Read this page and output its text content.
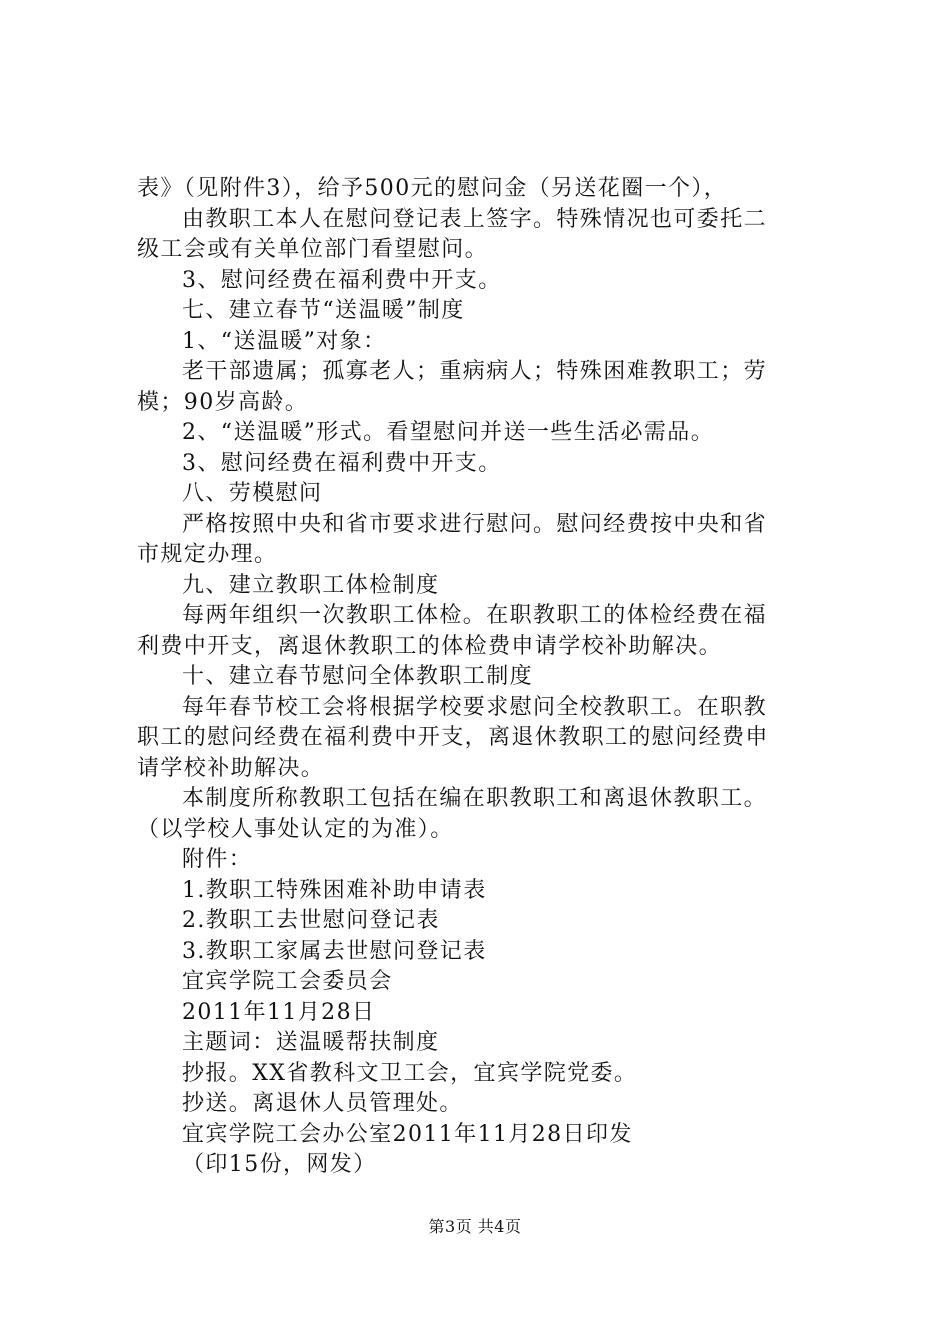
表》（见附件3），给予500元的慰问金（另送花圈一个），
由教职工本人在慰问登记表上签字。特殊情况也可委托二
级工会或有关单位部门看望慰问。
3、慰问经费在福利费中开支。
七、建立春节“送温暖”制度
1、“送温暖”对象：
老干部遗属；孤寡老人；重病病人；特殊困难教职工；劳
模；90岁高龄。
2、“送温暖”形式。看望慰问并送一些生活必需品。
3、慰问经费在福利费中开支。
八、劳模慰问
严格按照中央和省市要求进行慰问。慰问经费按中央和省
市规定办理。
九、建立教职工体检制度
每两年组织一次教职工体检。在职教职工的体检经费在福
利费中开支，离退休教职工的体检费申请学校补助解决。
十、建立春节慰问全体教职工制度
每年春节校工会将根据学校要求慰问全校教职工。在职教
职工的慰问经费在福利费中开支，离退休教职工的慰问经费申
请学校补助解决。
本制度所称教职工包括在编在职教职工和离退休教职工。
（以学校人事处认定的为准）。
附件：
1.教职工特殊困难补助申请表
2.教职工去世慰问登记表
3.教职工家属去世慰问登记表
宜宾学院工会委员会
2011年11月28日
主题词：送温暖帮扶制度
抄报。XX省教科文卫工会，宜宾学院党委。
抄送。离退休人员管理处。
宜宾学院工会办公室2011年11月28日印发
（印15份，网发）
第3页 共4页
